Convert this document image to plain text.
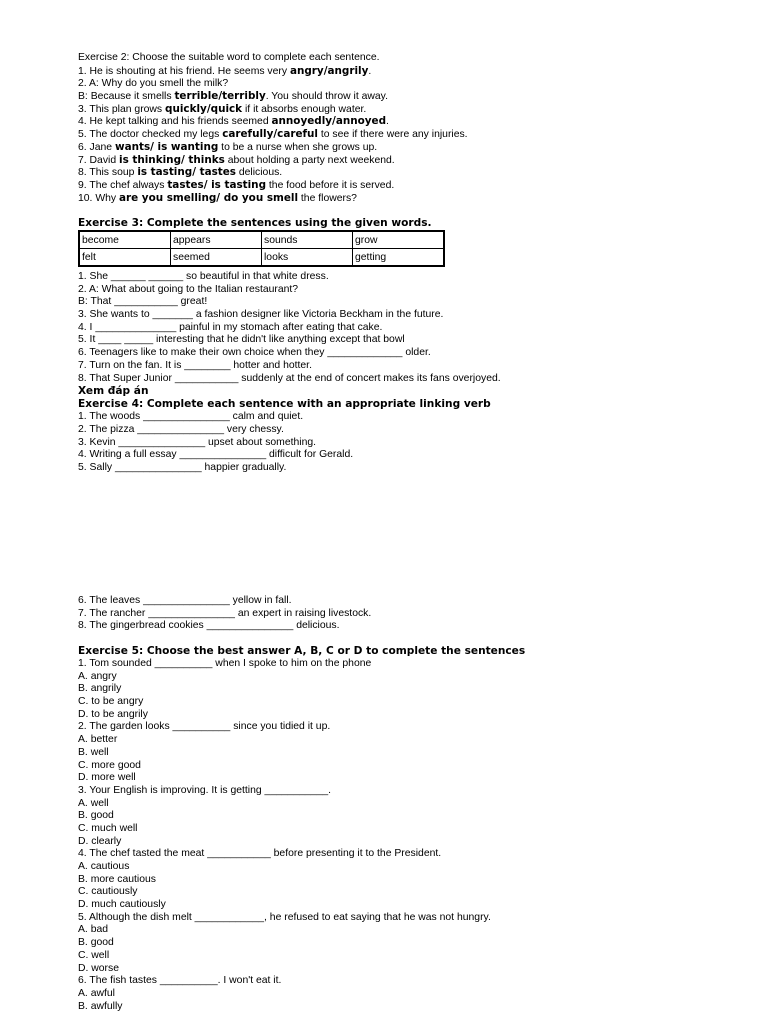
Exercise 2: Choose the suitable word to complete each sentence.
1. He is shouting at his friend. He seems very angry/angrily.
2. A: Why do you smell the milk?
B: Because it smells terrible/terribly. You should throw it away.
3. This plan grows quickly/quick if it absorbs enough water.
4. He kept talking and his friends seemed annoyedly/annoyed.
5. The doctor checked my legs carefully/careful to see if there were any injuries.
6. Jane wants/ is wanting to be a nurse when she grows up.
7. David is thinking/ thinks about holding a party next weekend.
8. This soup is tasting/ tastes delicious.
9. The chef always tastes/ is tasting the food before it is served.
10. Why are you smelling/ do you smell the flowers?
Exercise 3: Complete the sentences using the given words.
become	appears	sounds	grow
felt	seemed	looks	getting
1. She ______ ______ so beautiful in that white dress.
2. A: What about going to the Italian restaurant?
B: That ___________ great!
3. She wants to _______ a fashion designer like Victoria Beckham in the future.
4. I ______________ painful in my stomach after eating that cake.
5. It ____ _____ interesting that he didn't like anything except that bowl
6. Teenagers like to make their own choice when they _____________ older.
7. Turn on the fan. It is ________ hotter and hotter.
8. That Super Junior ___________ suddenly at the end of concert makes its fans overjoyed.
Xem đáp án
Exercise 4: Complete each sentence with an appropriate linking verb
1. The woods _______________ calm and quiet.
2. The pizza _______________ very chessy.
3. Kevin _______________ upset about something.
4. Writing a full essay _______________ difficult for Gerald.
5. Sally _______________ happier gradually.
6. The leaves _______________ yellow in fall.
7. The rancher _______________ an expert in raising livestock.
8. The gingerbread cookies _______________ delicious.
Exercise 5: Choose the best answer A, B, C or D to complete the sentences
1. Tom sounded __________ when I spoke to him on the phone
A. angry
B. angrily
C. to be angry
D. to be angrily
2. The garden looks __________ since you tidied it up.
A. better
B. well
C. more good
D. more well
3. Your English is improving. It is getting ___________.
A. well
B. good
C. much well
D. clearly
4. The chef tasted the meat ___________ before presenting it to the President.
A. cautious
B. more cautious
C. cautiously
D. much cautiously
5. Although the dish melt ____________, he refused to eat saying that he was not hungry.
A. bad
B. good
C. well
D. worse
6. The fish tastes __________. I won't eat it.
A. awful
B. awfully
